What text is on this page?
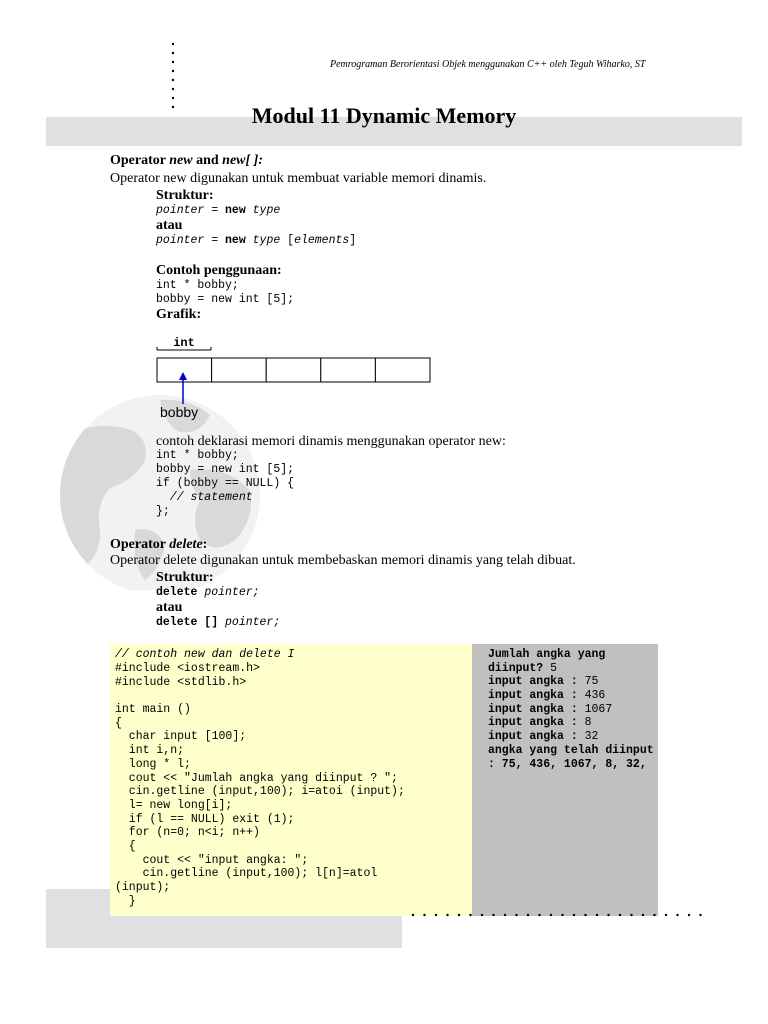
Pemrograman Berorientasi Objek menggunakan C++ oleh Teguh Wiharko, ST
Modul 11 Dynamic Memory
Operator new and new[ ]:
Operator new digunakan untuk membuat variable memori dinamis.
Struktur:
pointer = new type
atau
pointer = new type [elements]
Contoh penggunaan:
int * bobby;
bobby = new int [5];
Grafik:
int
bobby
contoh deklarasi memori dinamis menggunakan operator new:
int * bobby;
bobby = new int [5];
if (bobby == NULL) {
// statement
};
Operator delete:
Operator delete digunakan untuk membebaskan memori dinamis yang telah dibuat.
Struktur:
delete pointer;
atau
delete [] pointer;
// contoh new dan delete I
#include <iostream.h>
#include <stdlib.h>
int main ()
{
char input [100];
int i,n;
long * l;
cout << "Jumlah angka yang diinput ? ";
cin.getline (input,100); i=atoi (input);
l= new long[i];
if (l == NULL) exit (1);
for (n=0; n<i; n++)
{
cout << "input angka: ";
cin.getline (input,100); l[n]=atol
(input);
}
Jumlah angka yang
diinput? 5
input angka : 75
input angka : 436
input angka : 1067
input angka : 8
input angka : 32
angka yang telah diinput
: 75, 436, 1067, 8, 32,
